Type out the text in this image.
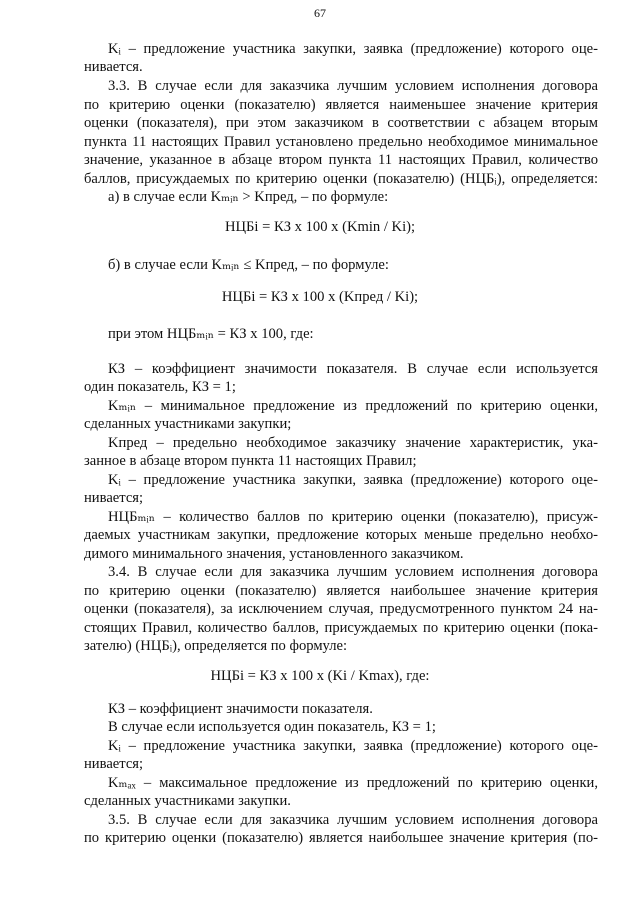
67
Kᵢ – предложение участника закупки, заявка (предложение) которого оце-
нивается.
3.3. В случае если для заказчика лучшим условием исполнения договора
по критерию оценки (показателю) является наименьшее значение критерия
оценки (показателя), при этом заказчиком в соответствии с абзацем вторым
пункта 11 настоящих Правил установлено предельно необходимое минимальное
значение, указанное в абзаце втором пункта 11 настоящих Правил, количество
баллов, присуждаемых по критерию оценки (показателю) (НЦБᵢ), определяется:
а) в случае если Kₘᵢₙ > Kпред, – по формуле:
НЦБi = КЗ x 100 x (Kmin / Ki);
б) в случае если Kₘᵢₙ ≤ Kпред, – по формуле:
НЦБi = КЗ x 100 x (Kпред / Ki);
при этом НЦБₘᵢₙ = КЗ x 100, где:
КЗ – коэффициент значимости показателя. В случае если используется
один показатель, КЗ = 1;
Kₘᵢₙ – минимальное предложение из предложений по критерию оценки,
сделанных участниками закупки;
Kпред – предельно необходимое заказчику значение характеристик, ука-
занное в абзаце втором пункта 11 настоящих Правил;
Kᵢ – предложение участника закупки, заявка (предложение) которого оце-
нивается;
НЦБₘᵢₙ – количество баллов по критерию оценки (показателю), присуж-
даемых участникам закупки, предложение которых меньше предельно необхо-
димого минимального значения, установленного заказчиком.
3.4. В случае если для заказчика лучшим условием исполнения договора
по критерию оценки (показателю) является наибольшее значение критерия
оценки (показателя), за исключением случая, предусмотренного пунктом 24 на-
стоящих Правил, количество баллов, присуждаемых по критерию оценки (пока-
зателю) (НЦБᵢ), определяется по формуле:
НЦБi = КЗ x 100 x (Ki / Kmax), где:
КЗ – коэффициент значимости показателя.
В случае если используется один показатель, КЗ = 1;
Kᵢ – предложение участника закупки, заявка (предложение) которого оце-
нивается;
Kₘₐₓ – максимальное предложение из предложений по критерию оценки,
сделанных участниками закупки.
3.5. В случае если для заказчика лучшим условием исполнения договора
по критерию оценки (показателю) является наибольшее значение критерия (по-
